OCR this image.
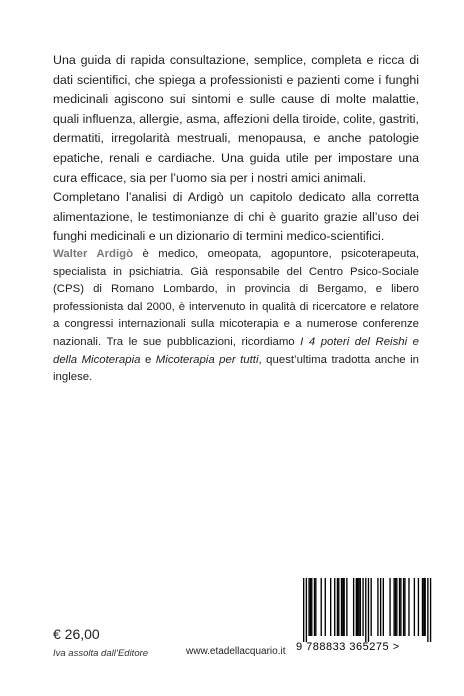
Una guida di rapida consultazione, semplice, completa e ricca di dati scientifici, che spiega a professionisti e pazienti come i funghi medicinali agiscono sui sintomi e sulle cause di molte malattie, quali influenza, allergie, asma, affezioni della tiroide, colite, gastriti, dermatiti, irregolarità mestruali, menopausa, e anche patologie epatiche, renali e cardiache. Una guida utile per impostare una cura efficace, sia per l’uomo sia per i nostri amici animali.

Completano l’analisi di Ardigò un capitolo dedicato alla corretta alimentazione, le testimonianze di chi è guarito grazie all’uso dei funghi medicinali e un dizionario di termini medico-scientifici.

Walter Ardigò è medico, omeopata, agopuntore, psicoterapeuta, specialista in psichiatria. Già responsabile del Centro Psico-Sociale (CPS) di Romano Lombardo, in provincia di Bergamo, e libero professionista dal 2000, è intervenuto in qualità di ricercatore e relatore a congressi internazionali sulla micoterapia e a numerose conferenze nazionali. Tra le sue pubblicazioni, ricordiamo I 4 poteri del Reishi e della Micoterapia e Micoterapia per tutti, quest’ultima tradotta anche in inglese.

€ 26,00
Iva assolta dall’Editore	www.etadellacquario.it 9 788833 365275 >
